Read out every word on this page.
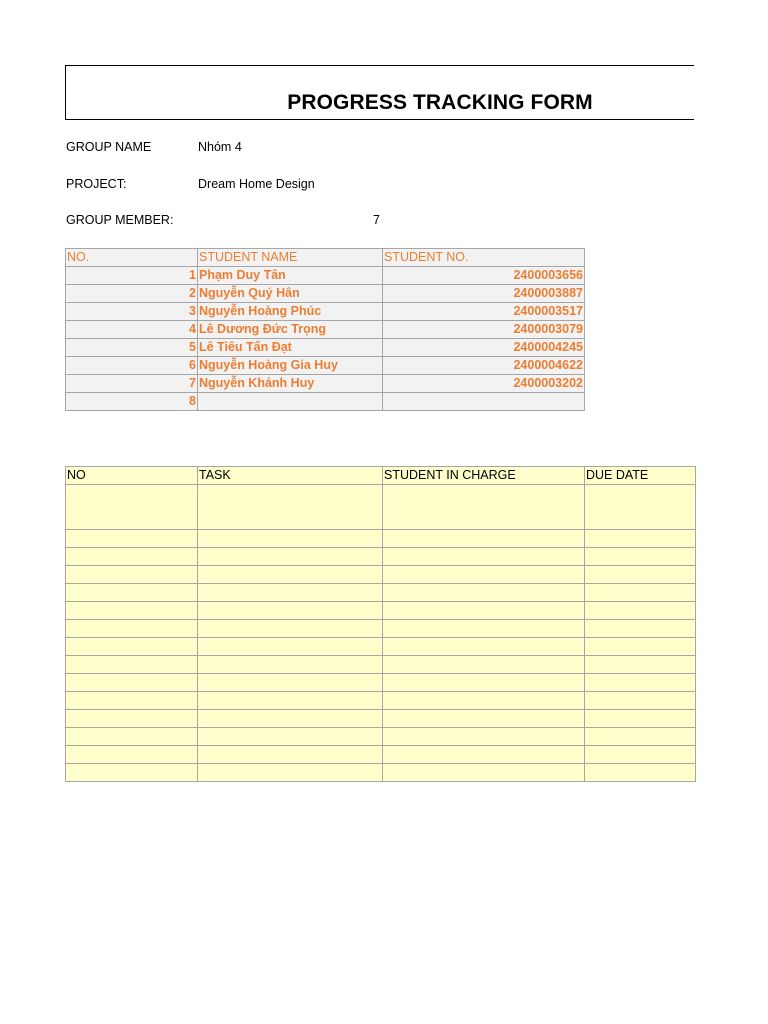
PROGRESS TRACKING FORM
GROUP NAME	Nhóm 4
PROJECT:	Dream Home Design
GROUP MEMBER:	7
NO.	STUDENT NAME	STUDENT NO.
1	Phạm Duy Tân	2400003656
2	Nguyễn Quý Hân	2400003887
3	Nguyễn Hoàng Phúc	2400003517
4	Lê Dương Đức Trọng	2400003079
5	Lê Tiêu Tấn Đạt	2400004245
6	Nguyễn Hoàng Gia Huy	2400004622
7	Nguyễn Khánh Huy	2400003202
8		
NO	TASK	STUDENT IN CHARGE	DUE DATE
